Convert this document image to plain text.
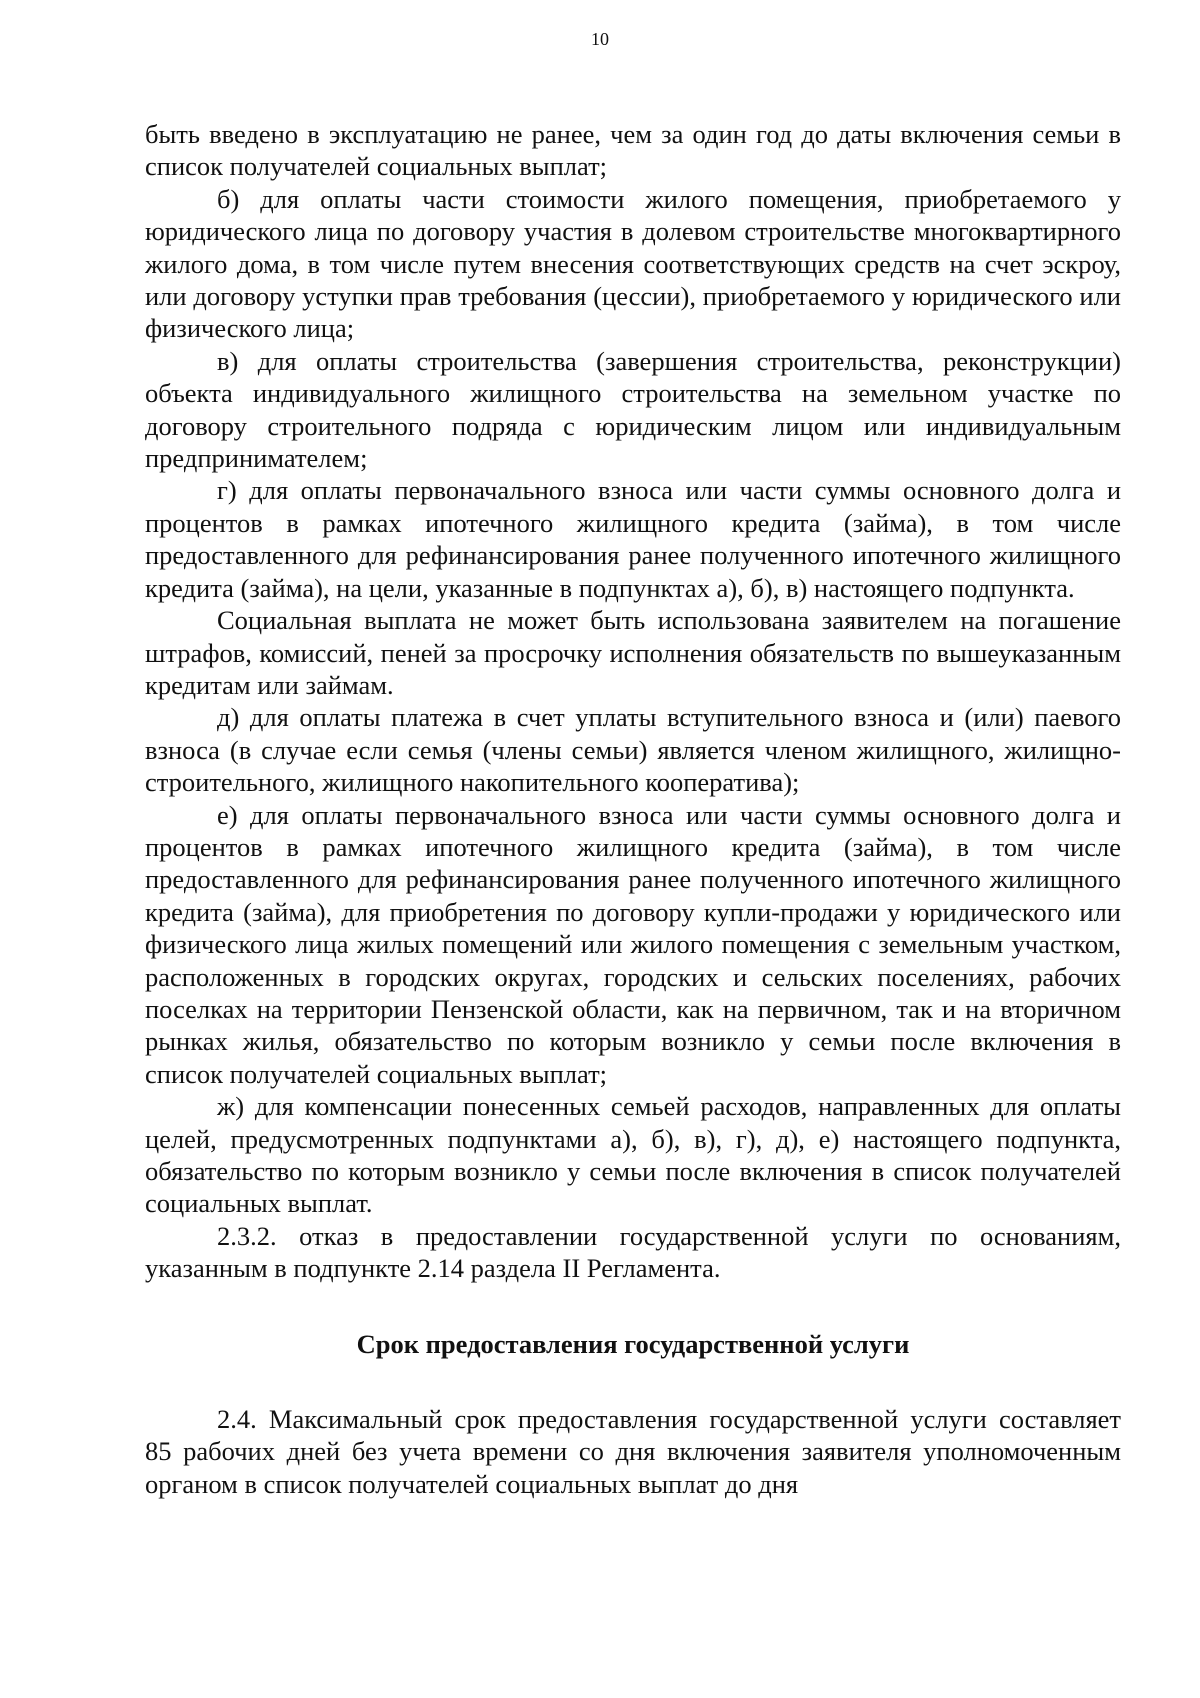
10

быть введено в эксплуатацию не ранее, чем за один год до даты включения семьи в список получателей социальных выплат;

б) для оплаты части стоимости жилого помещения, приобретаемого у юридического лица по договору участия в долевом строительстве многоквартирного жилого дома, в том числе путем внесения соответствующих средств на счет эскроу, или договору уступки прав требования (цессии), приобретаемого у юридического или физического лица;

в) для оплаты строительства (завершения строительства, реконструкции) объекта индивидуального жилищного строительства на земельном участке по договору строительного подряда с юридическим лицом или индивидуальным предпринимателем;

г) для оплаты первоначального взноса или части суммы основного долга и процентов в рамках ипотечного жилищного кредита (займа), в том числе предоставленного для рефинансирования ранее полученного ипотечного жилищного кредита (займа), на цели, указанные в подпунктах а), б), в) настоящего подпункта.

Социальная выплата не может быть использована заявителем на погашение штрафов, комиссий, пеней за просрочку исполнения обязательств по вышеуказанным кредитам или займам.

д) для оплаты платежа в счет уплаты вступительного взноса и (или) паевого взноса (в случае если семья (члены семьи) является членом жилищного, жилищно-строительного, жилищного накопительного кооператива);

е) для оплаты первоначального взноса или части суммы основного долга и процентов в рамках ипотечного жилищного кредита (займа), в том числе предоставленного для рефинансирования ранее полученного ипотечного жилищного кредита (займа), для приобретения по договору купли-продажи у юридического или физического лица жилых помещений или жилого помещения с земельным участком, расположенных в городских округах, городских и сельских поселениях, рабочих поселках на территории Пензенской области, как на первичном, так и на вторичном рынках жилья, обязательство по которым возникло у семьи после включения в список получателей социальных выплат;

ж) для компенсации понесенных семьей расходов, направленных для оплаты целей, предусмотренных подпунктами а), б), в), г), д), е) настоящего подпункта, обязательство по которым возникло у семьи после включения в список получателей социальных выплат.

2.3.2. отказ в предоставлении государственной услуги по основаниям, указанным в подпункте 2.14 раздела II Регламента.

Срок предоставления государственной услуги

2.4. Максимальный срок предоставления государственной услуги составляет 85 рабочих дней без учета времени со дня включения заявителя уполномоченным органом в список получателей социальных выплат до дня
